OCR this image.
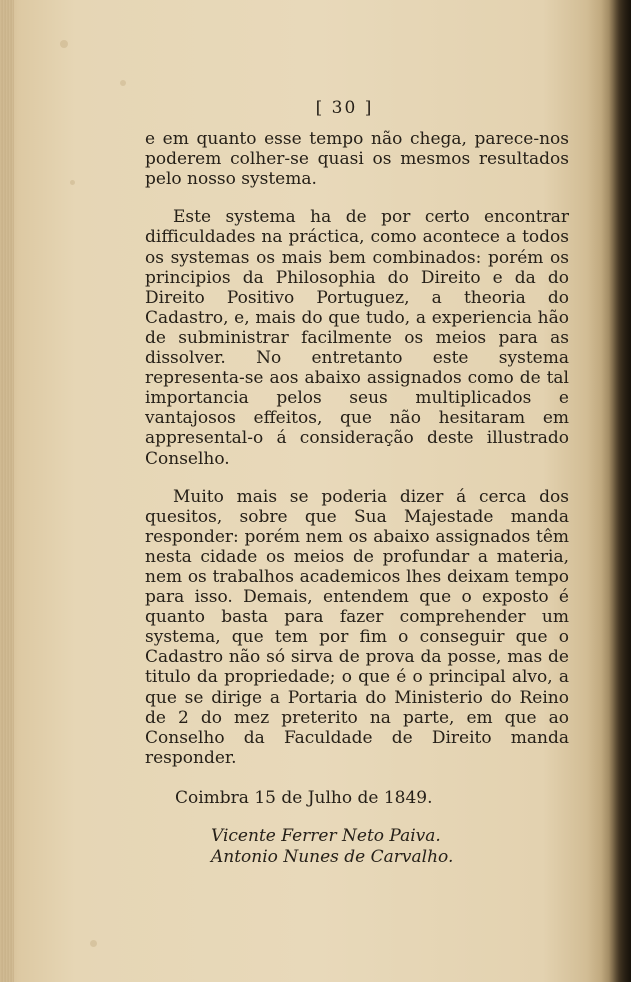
[ 30 ]

e em quanto esse tempo não chega, parece-nos poderem colher-se quasi os mesmos resultados pelo nosso systema.

Este systema ha de por certo encontrar difficuldades na práctica, como acontece a todos os systemas os mais bem combinados: porém os principios da Philosophia do Direito e da do Direito Positivo Portuguez, a theoria do Cadastro, e, mais do que tudo, a experiencia hão de subministrar facilmente os meios para as dissolver. No entretanto este systema representa-se aos abaixo assignados como de tal importancia pelos seus multiplicados e vantajosos effeitos, que não hesitaram em appresental-o á consideração deste illustrado Conselho.

Muito mais se poderia dizer á cerca dos quesitos, sobre que Sua Majestade manda responder: porém nem os abaixo assignados têm nesta cidade os meios de profundar a materia, nem os trabalhos academicos lhes deixam tempo para isso. Demais, entendem que o exposto é quanto basta para fazer comprehender um systema, que tem por fim o conseguir que o Cadastro não só sirva de prova da posse, mas de titulo da propriedade; o que é o principal alvo, a que se dirige a Portaria do Ministerio do Reino de 2 do mez preterito na parte, em que ao Conselho da Faculdade de Direito manda responder.

Coimbra 15 de Julho de 1849.
Vicente Ferrer Neto Paiva.
Antonio Nunes de Carvalho.
